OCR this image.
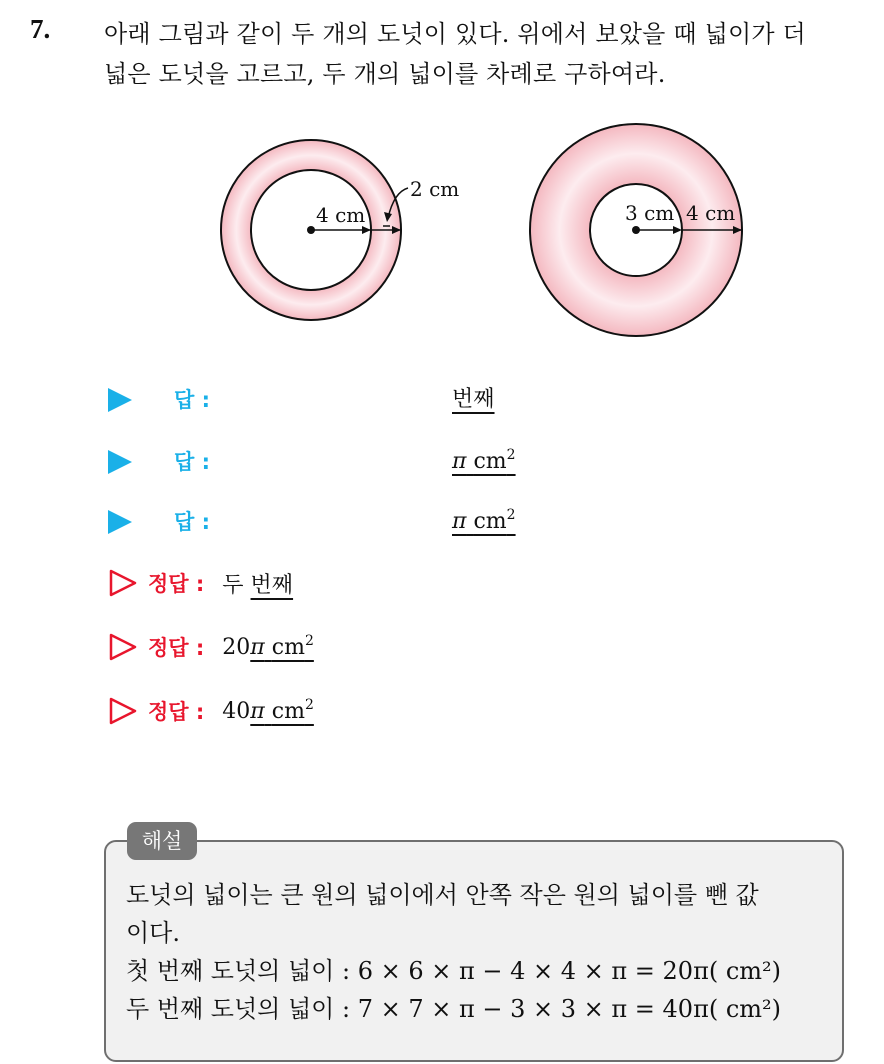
7. 아래 그림과 같이 두 개의 도넛이 있다. 위에서 보았을 때 넓이가 더
넓은 도넛을 고르고, 두 개의 넓이를 차례로 구하여라.
4 cm
2 cm
3 cm 4 cm
답 :	번째
답 :	π $cm^2$
답 :	π $cm^2$
정답 : 두 번째
정답 : 20π $cm^2$
정답 : 40π $cm^2$
해설
도넛의 넓이는 큰 원의 넓이에서 안쪽 작은 원의 넓이를 뺀 값
이다.
첫 번째 도넛의 넓이 : 6 × 6 × π − 4 × 4 × π = 20π( cm²)
두 번째 도넛의 넓이 : 7 × 7 × π − 3 × 3 × π = 40π( cm²)
